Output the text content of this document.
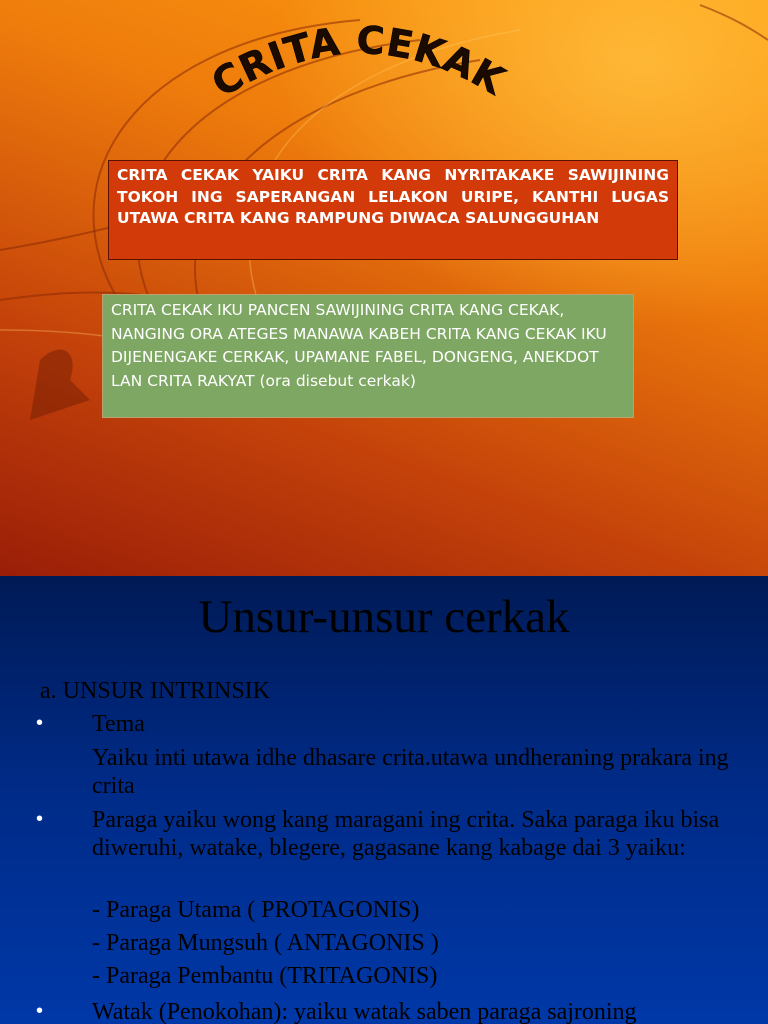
CRITA CEKAK
CRITA CEKAK YAIKU CRITA KANG NYRITAKAKE SAWIJINING TOKOH ING SAPERANGAN LELAKON URIPE, KANTHI LUGAS UTAWA CRITA KANG RAMPUNG DIWACA SALUNGGUHAN
CRITA CEKAK IKU PANCEN SAWIJINING CRITA KANG CEKAK, NANGING ORA ATEGES MANAWA KABEH CRITA KANG CEKAK IKU DIJENENGAKE CERKAK, UPAMANE FABEL, DONGENG, ANEKDOT LAN CRITA RAKYAT (ora disebut cerkak)
Unsur-unsur cerkak
a. UNSUR INTRINSIK
• Tema
Yaiku inti utawa idhe dhasare crita.utawa undheraning prakara ing crita
• Paraga yaiku wong kang maragani ing crita. Saka paraga iku bisa diweruhi, watake, blegere, gagasane kang kabage dai 3 yaiku:
- Paraga Utama ( PROTAGONIS)
- Paraga Mungsuh ( ANTAGONIS )
- Paraga Pembantu (TRITAGONIS)
• Watak (Penokohan): yaiku watak saben paraga sajroning
